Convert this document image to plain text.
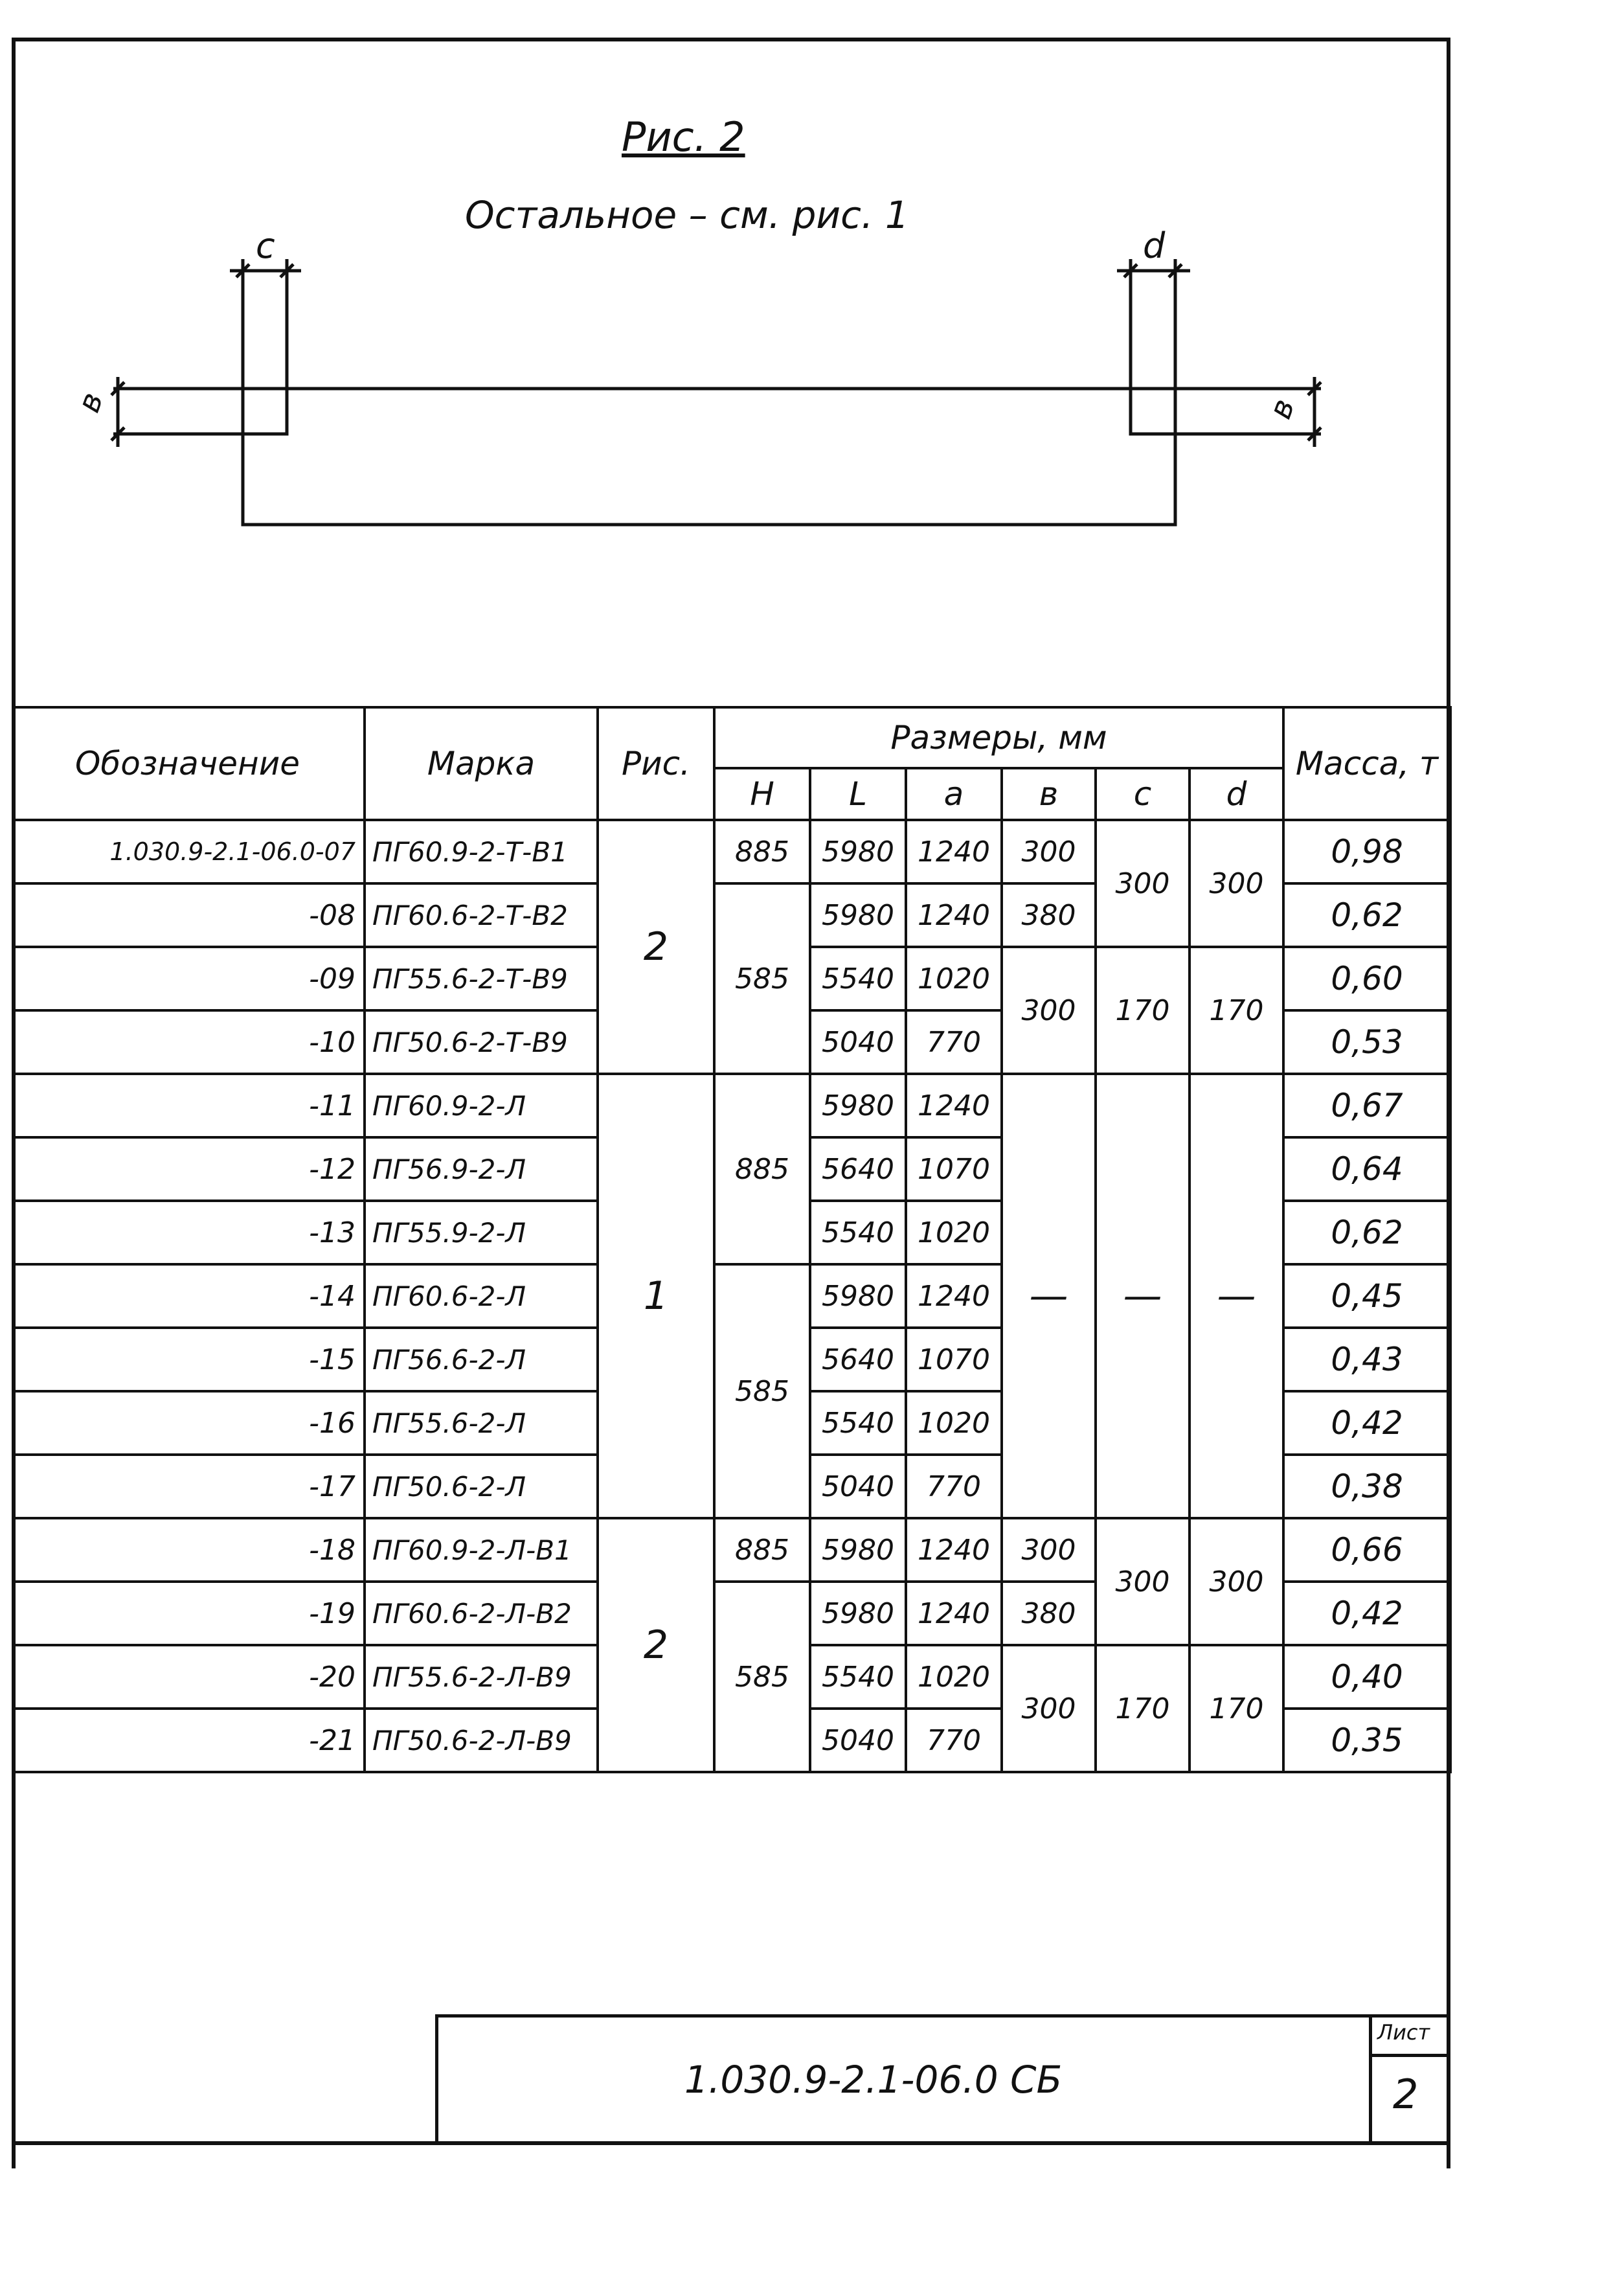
Рис. 2
Остальное – см. рис. 1
c	d
в	в
Обозначение	Марка	Рис.	Размеры, мм						Масса, т
			H	L	a	в	c	d	
1.030.9-2.1-06.0-07	ПГ60.9-2-Т-В1	2	885	5980	1240	300	300	300	0,98
-08	ПГ60.6-2-Т-В2		585	5980	1240	380			0,62
-09	ПГ55.6-2-Т-В9			5540	1020	300	170	170	0,60
-10	ПГ50.6-2-Т-В9			5040	770				0,53
-11	ПГ60.9-2-Л	1	885	5980	1240	—	—	—	0,67
-12	ПГ56.9-2-Л			5640	1070				0,64
-13	ПГ55.9-2-Л			5540	1020				0,62
-14	ПГ60.6-2-Л		585	5980	1240				0,45
-15	ПГ56.6-2-Л			5640	1070				0,43
-16	ПГ55.6-2-Л			5540	1020				0,42
-17	ПГ50.6-2-Л			5040	770				0,38
-18	ПГ60.9-2-Л-В1	2	885	5980	1240	300	300	300	0,66
-19	ПГ60.6-2-Л-В2		585	5980	1240	380			0,42
-20	ПГ55.6-2-Л-В9			5540	1020	300	170	170	0,40
-21	ПГ50.6-2-Л-В9			5040	770				0,35
1.030.9-2.1-06.0 СБ
Лист
2
